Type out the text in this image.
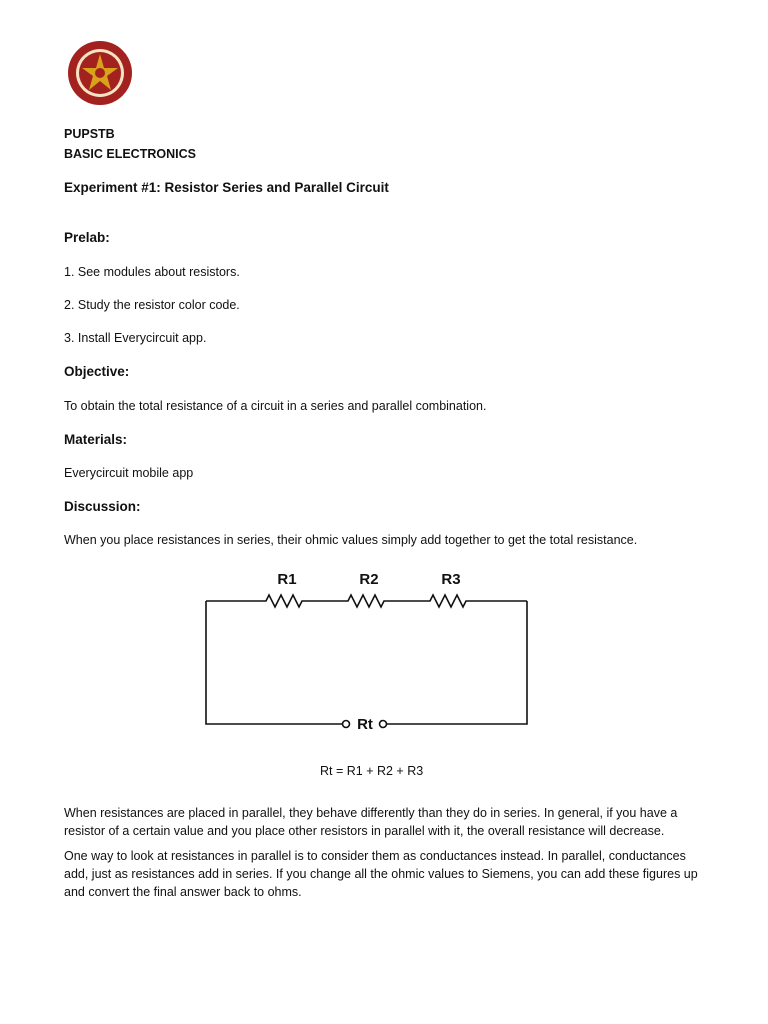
PUPSTB
BASIC ELECTRONICS
Experiment #1: Resistor Series and Parallel Circuit
Prelab:
1. See modules about resistors.
2. Study the resistor color code.
3. Install Everycircuit app.
Objective:
To obtain the total resistance of a circuit in a series and parallel combination.
Materials:
Everycircuit mobile app
Discussion:
When you place resistances in series, their ohmic values simply add together to get the total resistance.
R1	R2	R3
Rt
Rt = R1 + R2 + R3
When resistances are placed in parallel, they behave differently than they do in series. In general, if you have a resistor of a certain value and you place other resistors in parallel with it, the overall resistance will decrease.
One way to look at resistances in parallel is to consider them as conductances instead. In parallel, conductances add, just as resistances add in series. If you change all the ohmic values to Siemens, you can add these figures up and convert the final answer back to ohms.
